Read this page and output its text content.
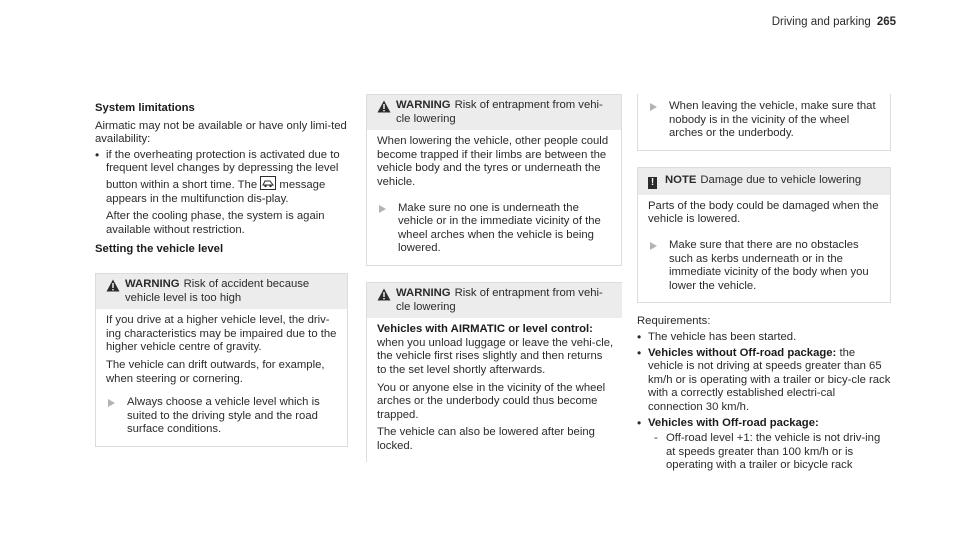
Driving and parking 265

System limitations

Airmatic may not be available or have only limi-ted availability:

• if the overheating protection is activated due to frequent level changes by depressing the level button within a short time. The message appears in the multifunction dis-play.

After the cooling phase, the system is again available without restriction.

Setting the vehicle level

WARNING Risk of accident because vehicle level is too high

If you drive at a higher vehicle level, the driv-ing characteristics may be impaired due to the higher vehicle centre of gravity.

The vehicle can drift outwards, for example, when steering or cornering.

Always choose a vehicle level which is suited to the driving style and the road surface conditions.
WARNING Risk of entrapment from vehi-cle lowering

When lowering the vehicle, other people could become trapped if their limbs are between the vehicle body and the tyres or underneath the vehicle.

Make sure no one is underneath the vehicle or in the immediate vicinity of the wheel arches when the vehicle is being lowered.
WARNING Risk of entrapment from vehi-cle lowering

Vehicles with AIRMATIC or level control:

when you unload luggage or leave the vehi-cle, the vehicle first rises slightly and then returns to the set level shortly afterwards.

You or anyone else in the vicinity of the wheel arches or the underbody could thus become trapped.

The vehicle can also be lowered after being locked.

When leaving the vehicle, make sure that nobody is in the vicinity of the wheel arches or the underbody.
! NOTE Damage due to vehicle lowering

Parts of the body could be damaged when the vehicle is lowered.

Make sure that there are no obstacles such as kerbs underneath or in the immediate vicinity of the body when you lower the vehicle.

Requirements:

• The vehicle has been started.
• Vehicles without Off-road package: the vehicle is not driving at speeds greater than 65 km/h or is operating with a trailer or bicy-cle rack with a correctly established electri-cal connection 30 km/h.
• Vehicles with Off-road package:
- Off-road level +1: the vehicle is not driv-ing at speeds greater than 100 km/h or is operating with a trailer or bicycle rack
